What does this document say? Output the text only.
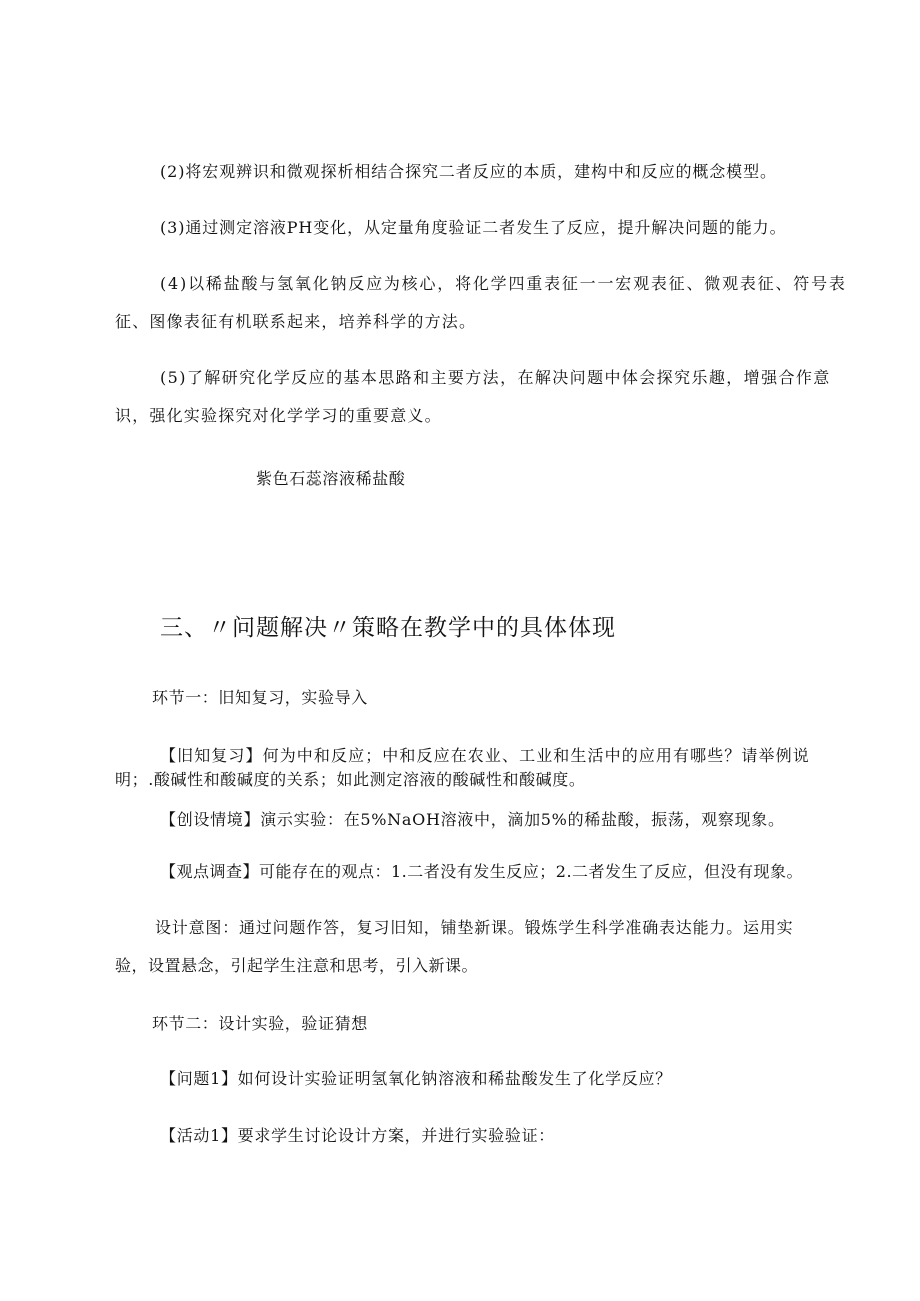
(2)将宏观辨识和微观探析相结合探究二者反应的本质，建构中和反应的概念模型。

(3)通过测定溶液PH变化，从定量角度验证二者发生了反应，提升解决问题的能力。

(4)以稀盐酸与氢氧化钠反应为核心，将化学四重表征一一宏观表征、微观表征、符号表

征、图像表征有机联系起来，培养科学的方法。

(5)了解研究化学反应的基本思路和主要方法，在解决问题中体会探究乐趣，增强合作意

识，强化实验探究对化学学习的重要意义。

紫色石蕊溶液稀盐酸

三、〃问题解决〃策略在教学中的具体体现

环节一：旧知复习，实验导入

【旧知复习】何为中和反应；中和反应在农业、工业和生活中的应用有哪些？请举例说

明；.酸碱性和酸碱度的关系；如此测定溶液的酸碱性和酸碱度。

【创设情境】演示实验：在5%NaOH溶液中，滴加5%的稀盐酸，振荡，观察现象。

【观点调查】可能存在的观点：1.二者没有发生反应；2.二者发生了反应，但没有现象。

设计意图：通过问题作答，复习旧知，铺垫新课。锻炼学生科学准确表达能力。运用实

验，设置悬念，引起学生注意和思考，引入新课。

环节二：设计实验，验证猜想

【问题1】如何设计实验证明氢氧化钠溶液和稀盐酸发生了化学反应？

【活动1】要求学生讨论设计方案，并进行实验验证：
